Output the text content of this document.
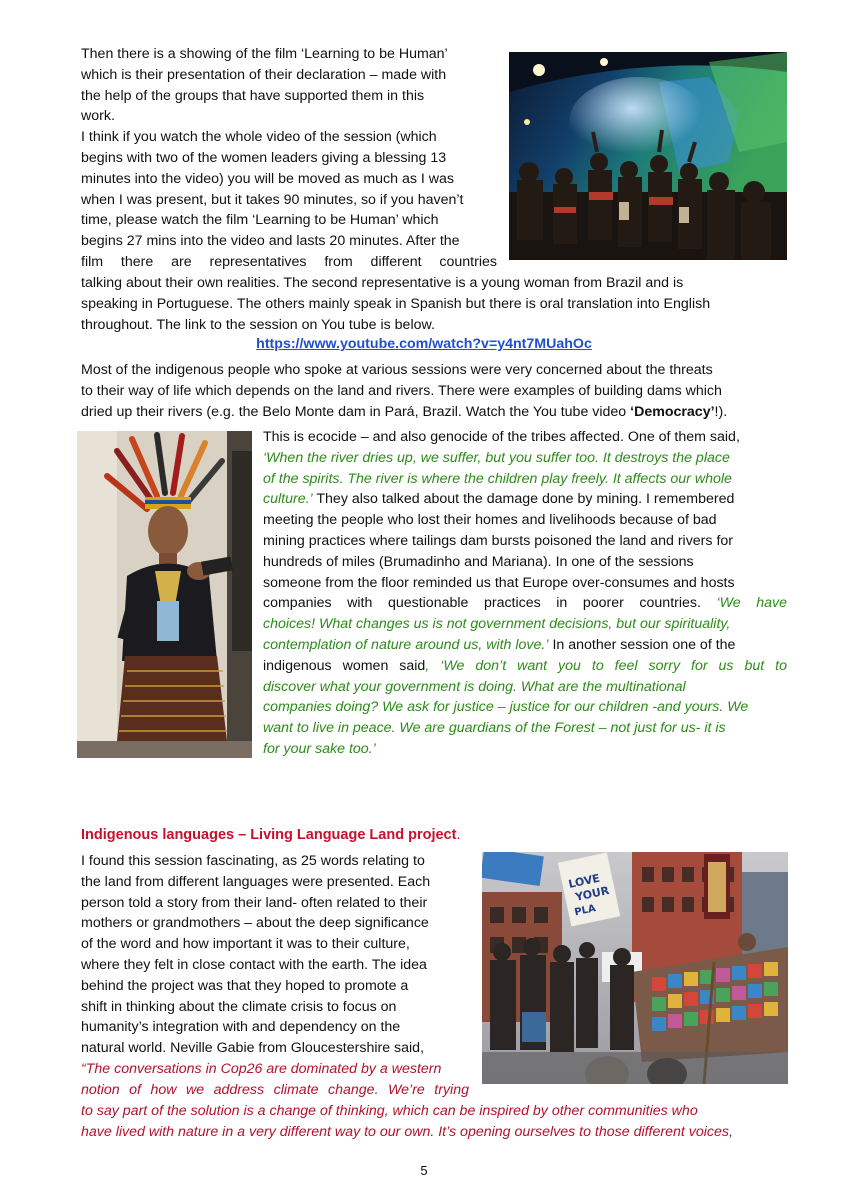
Then there is a showing of the film ‘Learning to be Human’
which is their presentation of their declaration – made with
the help of the groups that have supported them in this
work.
I think if you watch the whole video of the session (which
begins with two of the women leaders giving a blessing 13
minutes into the video) you will be moved as much as I was
when I was present, but it takes 90 minutes, so if you haven’t
time, please watch the film ‘Learning to be Human’ which
begins 27 mins into the video and lasts 20 minutes. After the
film there are representatives from different countries

talking about their own realities. The second representative is a young woman from Brazil and is
speaking in Portuguese. The others mainly speak in Spanish but there is oral translation into English
throughout. The link to the session on You tube is below.

https://www.youtube.com/watch?v=y4nt7MUahOc

Most of the indigenous people who spoke at various sessions were very concerned about the threats
to their way of life which depends on the land and rivers. There were examples of building dams which
dried up their rivers (e.g. the Belo Monte dam in Pará, Brazil. Watch the You tube video ‘Democracy’!).

This is ecocide – and also genocide of the tribes affected. One of them said,
‘When the river dries up, we suffer, but you suffer too. It destroys the place
of the spirits. The river is where the children play freely. It affects our whole
culture.’ They also talked about the damage done by mining. I remembered
meeting the people who lost their homes and livelihoods because of bad
mining practices where tailings dam bursts poisoned the land and rivers for
hundreds of miles (Brumadinho and Mariana). In one of the sessions
someone from the floor reminded us that Europe over-consumes and hosts
companies with questionable practices in poorer countries. ‘We have
choices! What changes us is not government decisions, but our spirituality,
contemplation of nature around us, with love.’ In another session one of the
indigenous women said, ‘We don’t want you to feel sorry for us but to
discover what your government is doing. What are the multinational
companies doing? We ask for justice – justice for our children -and yours. We
want to live in peace. We are guardians of the Forest – not just for us- it is
for your sake too.’

Indigenous languages – Living Language Land project.
LOVE
YOUR
PLA

I found this session fascinating, as 25 words relating to
the land from different languages were presented. Each
person told a story from their land- often related to their
mothers or grandmothers – about the deep significance
of the word and how important it was to their culture,
where they felt in close contact with the earth. The idea
behind the project was that they hoped to promote a
shift in thinking about the climate crisis to focus on
humanity’s integration with and dependency on the
natural world. Neville Gabie from Gloucestershire said,
“The conversations in Cop26 are dominated by a western
notion of how we address climate change. We’re trying

to say part of the solution is a change of thinking, which can be inspired by other communities who
have lived with nature in a very different way to our own. It’s opening ourselves to those different voices,

5
